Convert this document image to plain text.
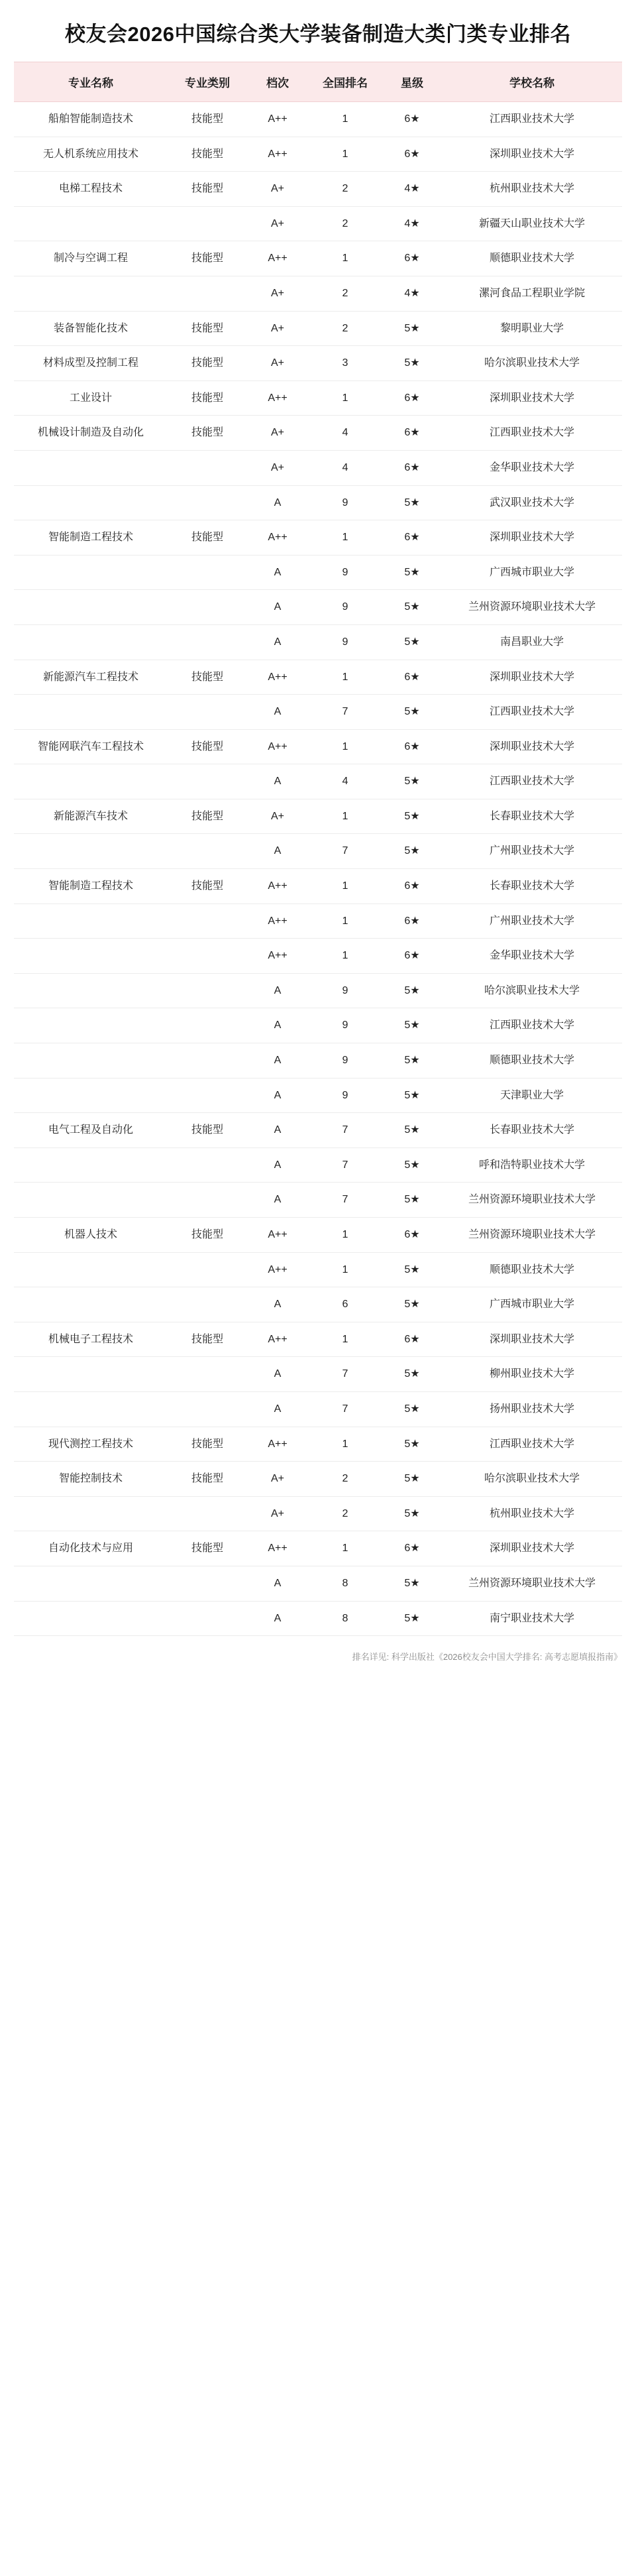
校友会2026中国综合类大学装备制造大类门类专业排名
专业名称	专业类别	档次	全国排名	星级	学校名称
船舶智能制造技术	技能型	A++	1	6★	江西职业技术大学
无人机系统应用技术	技能型	A++	1	6★	深圳职业技术大学
电梯工程技术	技能型	A+	2	4★	杭州职业技术大学
		A+	2	4★	新疆天山职业技术大学
制冷与空调工程	技能型	A++	1	6★	顺德职业技术大学
		A+	2	4★	漯河食品工程职业学院
装备智能化技术	技能型	A+	2	5★	黎明职业大学
材料成型及控制工程	技能型	A+	3	5★	哈尔滨职业技术大学
工业设计	技能型	A++	1	6★	深圳职业技术大学
机械设计制造及自动化	技能型	A+	4	6★	江西职业技术大学
		A+	4	6★	金华职业技术大学
		A	9	5★	武汉职业技术大学
智能制造工程技术	技能型	A++	1	6★	深圳职业技术大学
		A	9	5★	广西城市职业大学
		A	9	5★	兰州资源环境职业技术大学
		A	9	5★	南昌职业大学
新能源汽车工程技术	技能型	A++	1	6★	深圳职业技术大学
		A	7	5★	江西职业技术大学
智能网联汽车工程技术	技能型	A++	1	6★	深圳职业技术大学
		A	4	5★	江西职业技术大学
新能源汽车技术	技能型	A+	1	5★	长春职业技术大学
		A	7	5★	广州职业技术大学
智能制造工程技术	技能型	A++	1	6★	长春职业技术大学
		A++	1	6★	广州职业技术大学
		A++	1	6★	金华职业技术大学
		A	9	5★	哈尔滨职业技术大学
		A	9	5★	江西职业技术大学
		A	9	5★	顺德职业技术大学
		A	9	5★	天津职业大学
电气工程及自动化	技能型	A	7	5★	长春职业技术大学
		A	7	5★	呼和浩特职业技术大学
		A	7	5★	兰州资源环境职业技术大学
机器人技术	技能型	A++	1	6★	兰州资源环境职业技术大学
		A++	1	5★	顺德职业技术大学
		A	6	5★	广西城市职业大学
机械电子工程技术	技能型	A++	1	6★	深圳职业技术大学
		A	7	5★	柳州职业技术大学
		A	7	5★	扬州职业技术大学
现代测控工程技术	技能型	A++	1	5★	江西职业技术大学
智能控制技术	技能型	A+	2	5★	哈尔滨职业技术大学
		A+	2	5★	杭州职业技术大学
自动化技术与应用	技能型	A++	1	6★	深圳职业技术大学
		A	8	5★	兰州资源环境职业技术大学
		A	8	5★	南宁职业技术大学
排名详见: 科学出版社《2026校友会中国大学排名: 高考志愿填报指南》
